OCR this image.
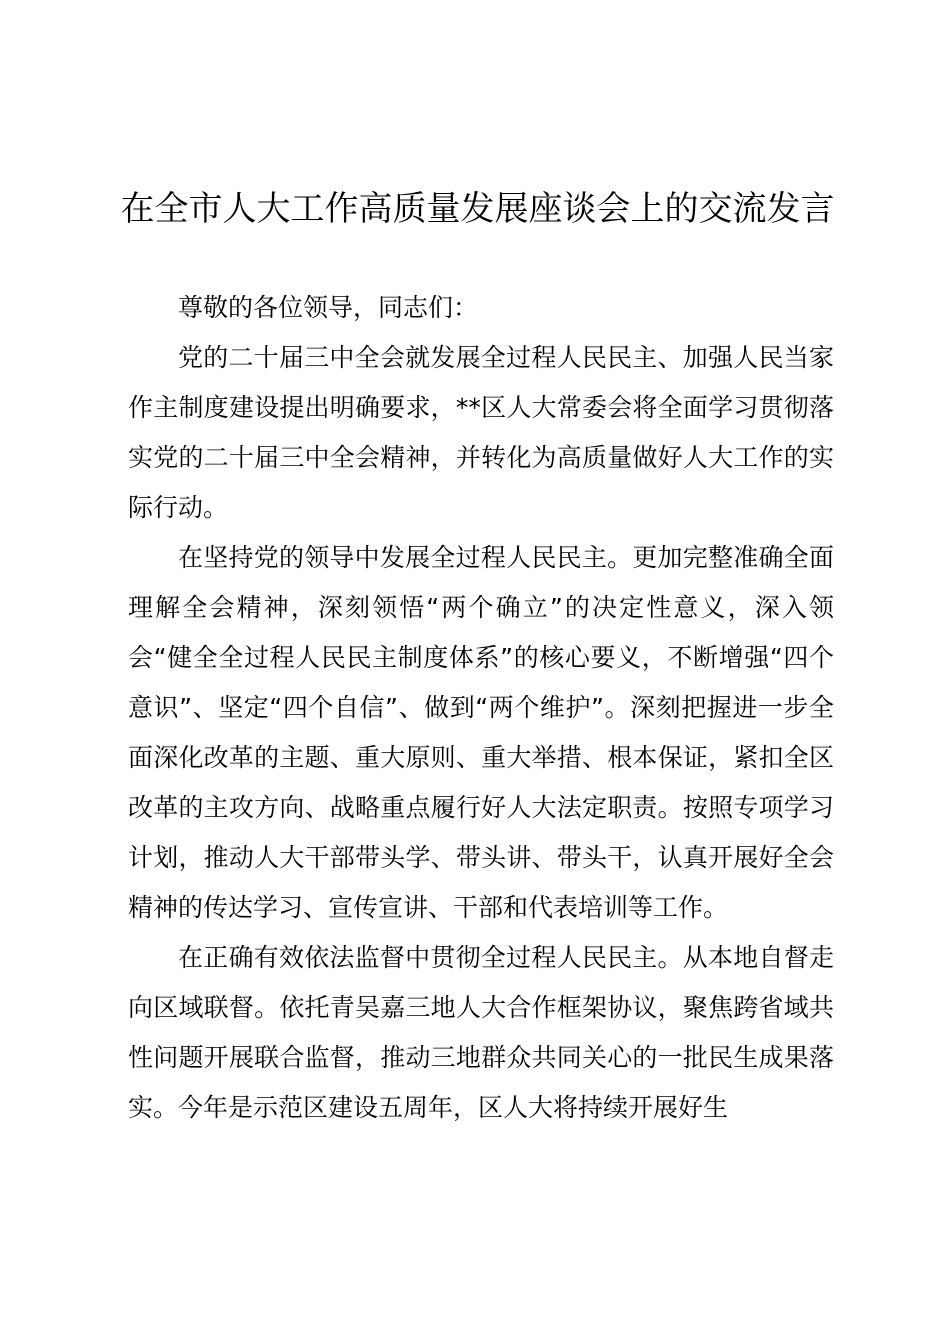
在全市人大工作高质量发展座谈会上的交流发言

尊敬的各位领导，同志们：

党的二十届三中全会就发展全过程人民民主、加强人民当家作主制度建设提出明确要求，**区人大常委会将全面学习贯彻落实党的二十届三中全会精神，并转化为高质量做好人大工作的实际行动。

在坚持党的领导中发展全过程人民民主。更加完整准确全面理解全会精神，深刻领悟“两个确立”的决定性意义，深入领会“健全全过程人民民主制度体系”的核心要义，不断增强“四个意识”、坚定“四个自信”、做到“两个维护”。深刻把握进一步全面深化改革的主题、重大原则、重大举措、根本保证，紧扣全区改革的主攻方向、战略重点履行好人大法定职责。按照专项学习计划，推动人大干部带头学、带头讲、带头干，认真开展好全会精神的传达学习、宣传宣讲、干部和代表培训等工作。

在正确有效依法监督中贯彻全过程人民民主。从本地自督走向区域联督。依托青吴嘉三地人大合作框架协议，聚焦跨省域共性问题开展联合监督，推动三地群众共同关心的一批民生成果落实。今年是示范区建设五周年，区人大将持续开展好生
